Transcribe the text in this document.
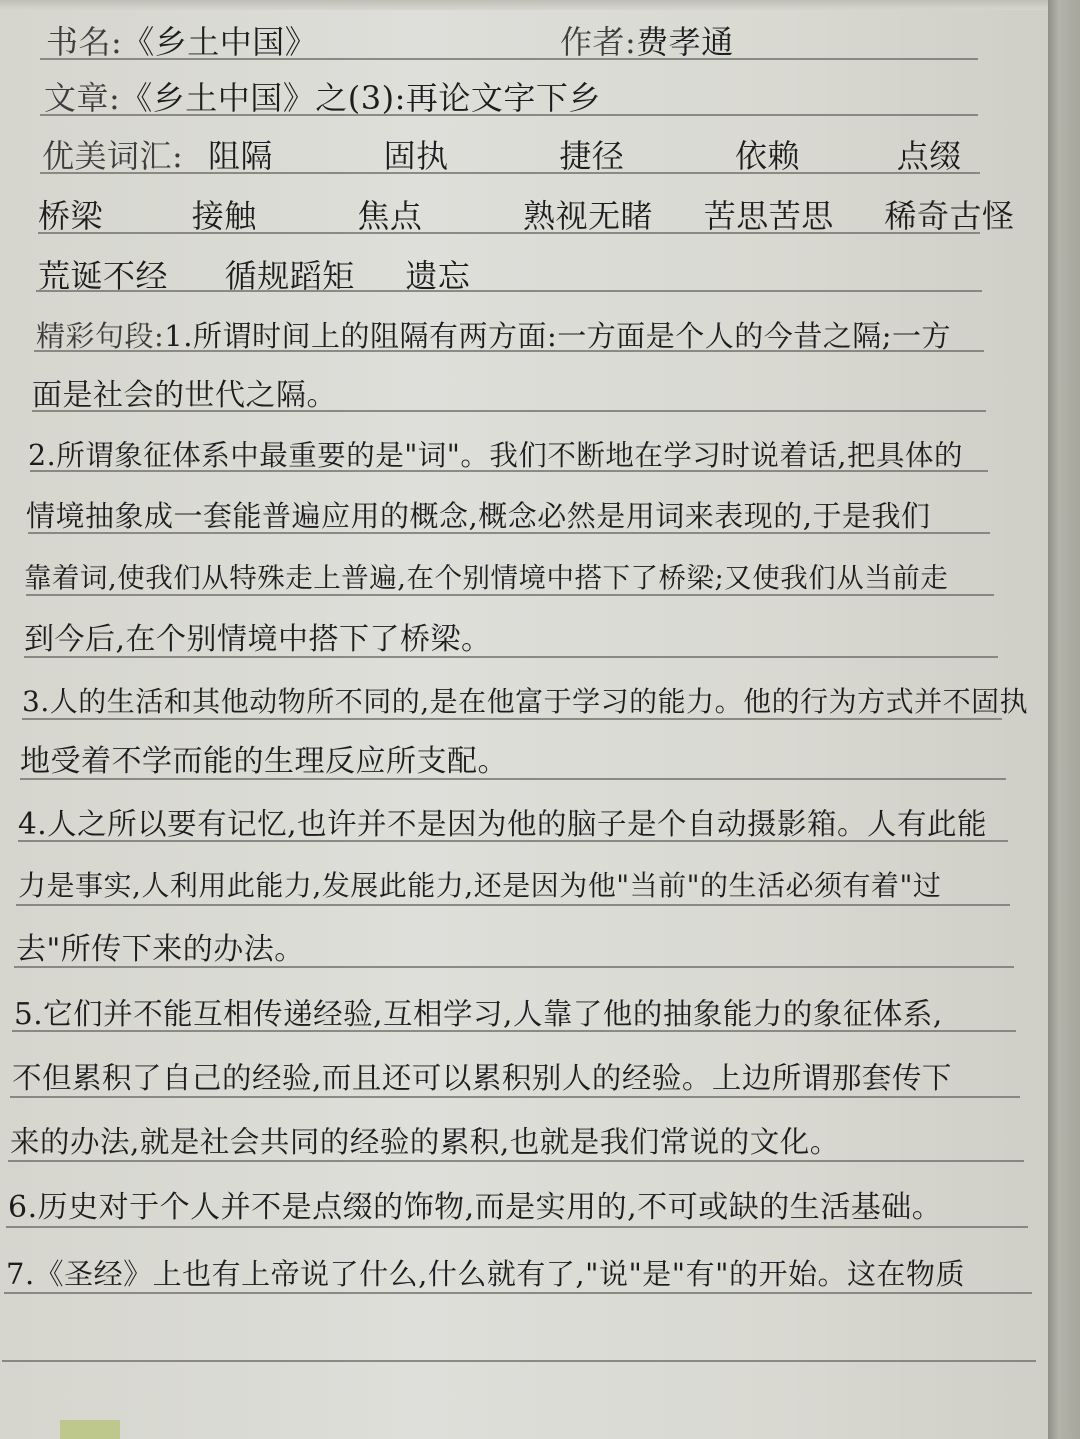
书名:《乡土中国》	作者:费孝通
文章:《乡土中国》之(3):再论文字下乡
优美词汇: 阻隔	固执	捷径	依赖	点缀
桥梁	接触	焦点	熟视无睹 苦思苦思 稀奇古怪
荒诞不经 循规蹈矩 遗忘
精彩句段:1.所谓时间上的阻隔有两方面:一方面是个人的今昔之隔;一方
面是社会的世代之隔。
2.所谓象征体系中最重要的是"词"。我们不断地在学习时说着话,把具体的
情境抽象成一套能普遍应用的概念,概念必然是用词来表现的,于是我们
靠着词,使我们从特殊走上普遍,在个别情境中搭下了桥梁;又使我们从当前走
到今后,在个别情境中搭下了桥梁。
3.人的生活和其他动物所不同的,是在他富于学习的能力。他的行为方式并不固执
地受着不学而能的生理反应所支配。
4.人之所以要有记忆,也许并不是因为他的脑子是个自动摄影箱。人有此能
力是事实,人利用此能力,发展此能力,还是因为他"当前"的生活必须有着"过
去"所传下来的办法。
5.它们并不能互相传递经验,互相学习,人靠了他的抽象能力的象征体系,
不但累积了自己的经验,而且还可以累积别人的经验。上边所谓那套传下
来的办法,就是社会共同的经验的累积,也就是我们常说的文化。
6.历史对于个人并不是点缀的饰物,而是实用的,不可或缺的生活基础。
7.《圣经》上也有上帝说了什么,什么就有了,"说"是"有"的开始。这在物质
